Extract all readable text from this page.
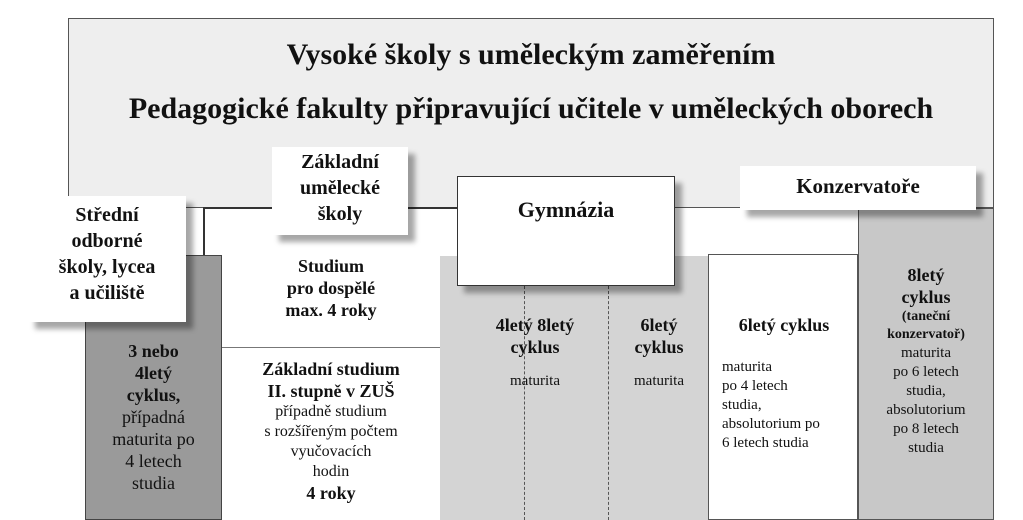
Vysoké školy s uměleckým zaměřením
Pedagogické fakulty připravující učitele v uměleckých oborech
Základní
umělecké
školy	Gymnázia
Konzervatoře
Střední
odborné
školy, lycea
a učiliště
Studium
pro dospělé
max. 4 roky
Základní studium
II. stupně v ZUŠ
případně studium
s rozšířeným počtem
vyučovacích
hodin
4 roky
3 nebo
4letý
cyklus,
případná
maturita po
4 letech
studia
4letý 8letý
cyklus
maturita
6letý
cyklus
maturita
6letý cyklus
maturita
po 4 letech
studia,
absolutorium po
6 letech studia
8letý
cyklus
(taneční
konzervatoř)
maturita
po 6 letech
studia,
absolutorium
po 8 letech
studia
